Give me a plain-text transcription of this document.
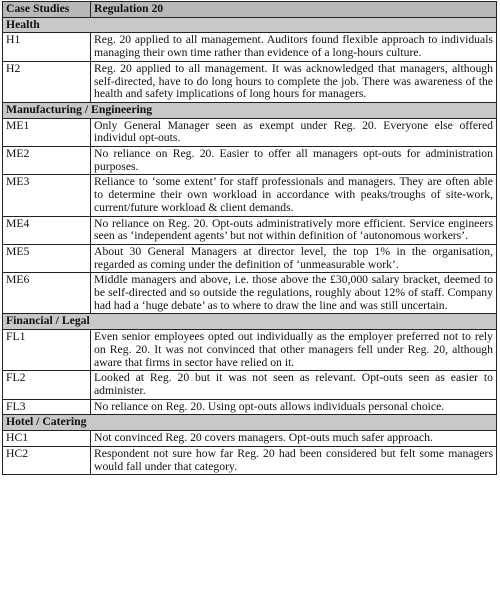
Case Studies	Regulation 20
Health	
H1	Reg. 20 applied to all management. Auditors found flexible approach to individuals managing their own time rather than evidence of a long-hours culture.
H2	Reg. 20 applied to all management. It was acknowledged that managers, although self-directed, have to do long hours to complete the job. There was awareness of the health and safety implications of long hours for managers.
Manufacturing / Engineering	
ME1	Only General Manager seen as exempt under Reg. 20. Everyone else offered individul opt-outs.
ME2	No reliance on Reg. 20. Easier to offer all managers opt-outs for administration purposes.
ME3	Reliance to ‘some extent’ for staff professionals and managers. They are often able to determine their own workload in accordance with peaks/troughs of site-work, current/future workload & client demands.
ME4	No reliance on Reg. 20. Opt-outs administratively more efficient. Service engineers seen as ‘independent agents’ but not within definition of ‘autonomous workers’.
ME5	About 30 General Managers at director level, the top 1% in the organisation, regarded as coming under the definition of ‘unmeasurable work’.
ME6	Middle managers and above, i.e. those above the £30,000 salary bracket, deemed to be self-directed and so outside the regulations, roughly about 12% of staff. Company had had a ‘huge debate’ as to where to draw the line and was still uncertain.
Financial / Legal	
FL1	Even senior employees opted out individually as the employer preferred not to rely on Reg. 20. It was not convinced that other managers fell under Reg. 20, although aware that firms in sector have relied on it.
FL2	Looked at Reg. 20 but it was not seen as relevant. Opt-outs seen as easier to administer.
FL3	No reliance on Reg. 20. Using opt-outs allows individuals personal choice.
Hotel / Catering	
HC1	Not convinced Reg. 20 covers managers. Opt-outs much safer approach.
HC2	Respondent not sure how far Reg. 20 had been considered but felt some managers would fall under that category.
